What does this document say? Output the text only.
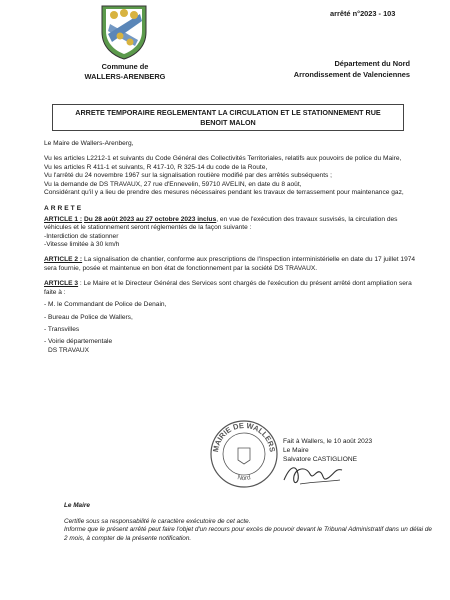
Commune de
WALLERS-ARENBERG
arrêté n°2023 - 103
Département du Nord
Arrondissement de Valenciennes
ARRETE TEMPORAIRE REGLEMENTANT LA CIRCULATION ET LE STATIONNEMENT RUE
BENOIT MALON

Le Maire de Wallers-Arenberg,

Vu les articles L2212-1 et suivants du Code Général des Collectivités Territoriales, relatifs aux pouvoirs de police du Maire,

Vu les articles R 411-1 et suivants, R 417-10, R 325-14 du code de la Route,

Vu l'arrêté du 24 novembre 1967 sur la signalisation routière modifié par des arrêtés subséquents ;

Vu la demande de DS TRAVAUX, 27 rue d'Ennevelin, 59710 AVELIN, en date du 8 août,

Considérant qu'il y a lieu de prendre des mesures nécessaires pendant les travaux de terrassement pour maintenance gaz,

ARRETE

ARTICLE 1 : Du 28 août 2023 au 27 octobre 2023 inclus, en vue de l'exécution des travaux susvisés, la circulation des véhicules et le stationnement seront réglementés de la façon suivante :

-Interdiction de stationner

-Vitesse limitée à 30 km/h

ARTICLE 2 : La signalisation de chantier, conforme aux prescriptions de l'Inspection interministérielle en date du 17 juillet 1974 sera fournie, posée et maintenue en bon état de fonctionnement par la société DS TRAVAUX.

ARTICLE 3 : Le Maire et le Directeur Général des Services sont chargés de l'exécution du présent arrêté dont ampliation sera faite à :

- M. le Commandant de Police de Denain,

- Bureau de Police de Wallers,

- Transvilles

- Voirie départementale

DS TRAVAUX

MAIRIE DE WALLERS
Nord
Fait à Wallers, le 10 août 2023
Le Maire
Salvatore CASTIGLIONE
Le Maire
Certifie sous sa responsabilité le caractère exécutoire de cet acte.
Informe que le présent arrêté peut faire l'objet d'un recours pour excès de pouvoir devant le Tribunal Administratif dans un délai de 2 mois, à compter de la présente notification.
